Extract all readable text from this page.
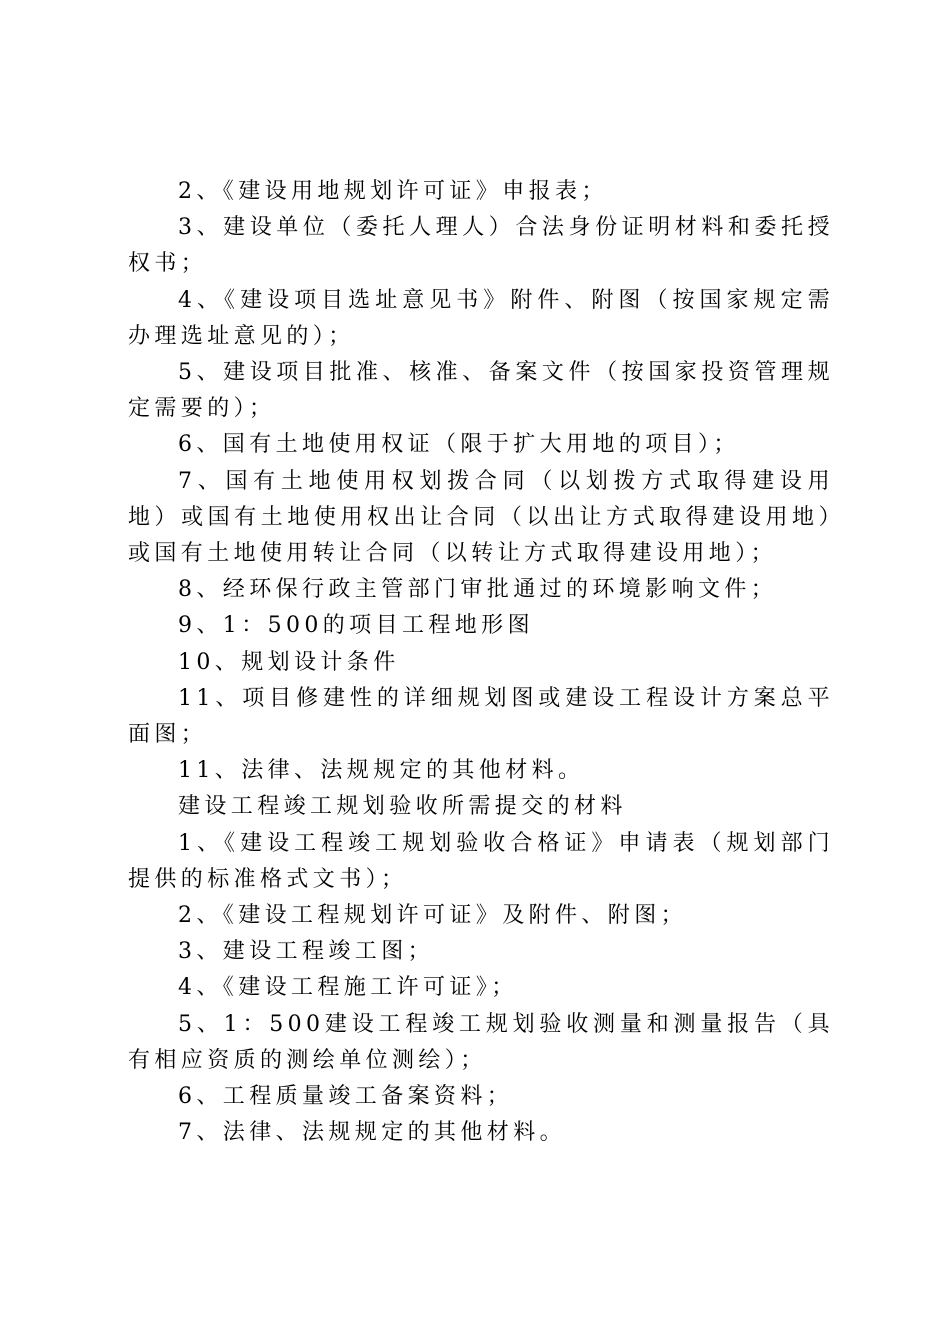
2、《建设用地规划许可证》申报表；

3、建设单位（委托人理人）合法身份证明材料和委托授权书；

4、《建设项目选址意见书》附件、附图（按国家规定需办理选址意见的）；

5、建设项目批准、核准、备案文件（按国家投资管理规定需要的）；

6、国有土地使用权证（限于扩大用地的项目）；

7、国有土地使用权划拨合同（以划拨方式取得建设用地）或国有土地使用权出让合同（以出让方式取得建设用地）或国有土地使用转让合同（以转让方式取得建设用地）；

8、经环保行政主管部门审批通过的环境影响文件；

9、1：500的项目工程地形图

10、规划设计条件

11、项目修建性的详细规划图或建设工程设计方案总平面图；

11、法律、法规规定的其他材料。

建设工程竣工规划验收所需提交的材料

1、《建设工程竣工规划验收合格证》申请表（规划部门提供的标准格式文书）；

2、《建设工程规划许可证》及附件、附图；

3、建设工程竣工图；

4、《建设工程施工许可证》；

5、1：500建设工程竣工规划验收测量和测量报告（具有相应资质的测绘单位测绘）；

6、工程质量竣工备案资料；

7、法律、法规规定的其他材料。
